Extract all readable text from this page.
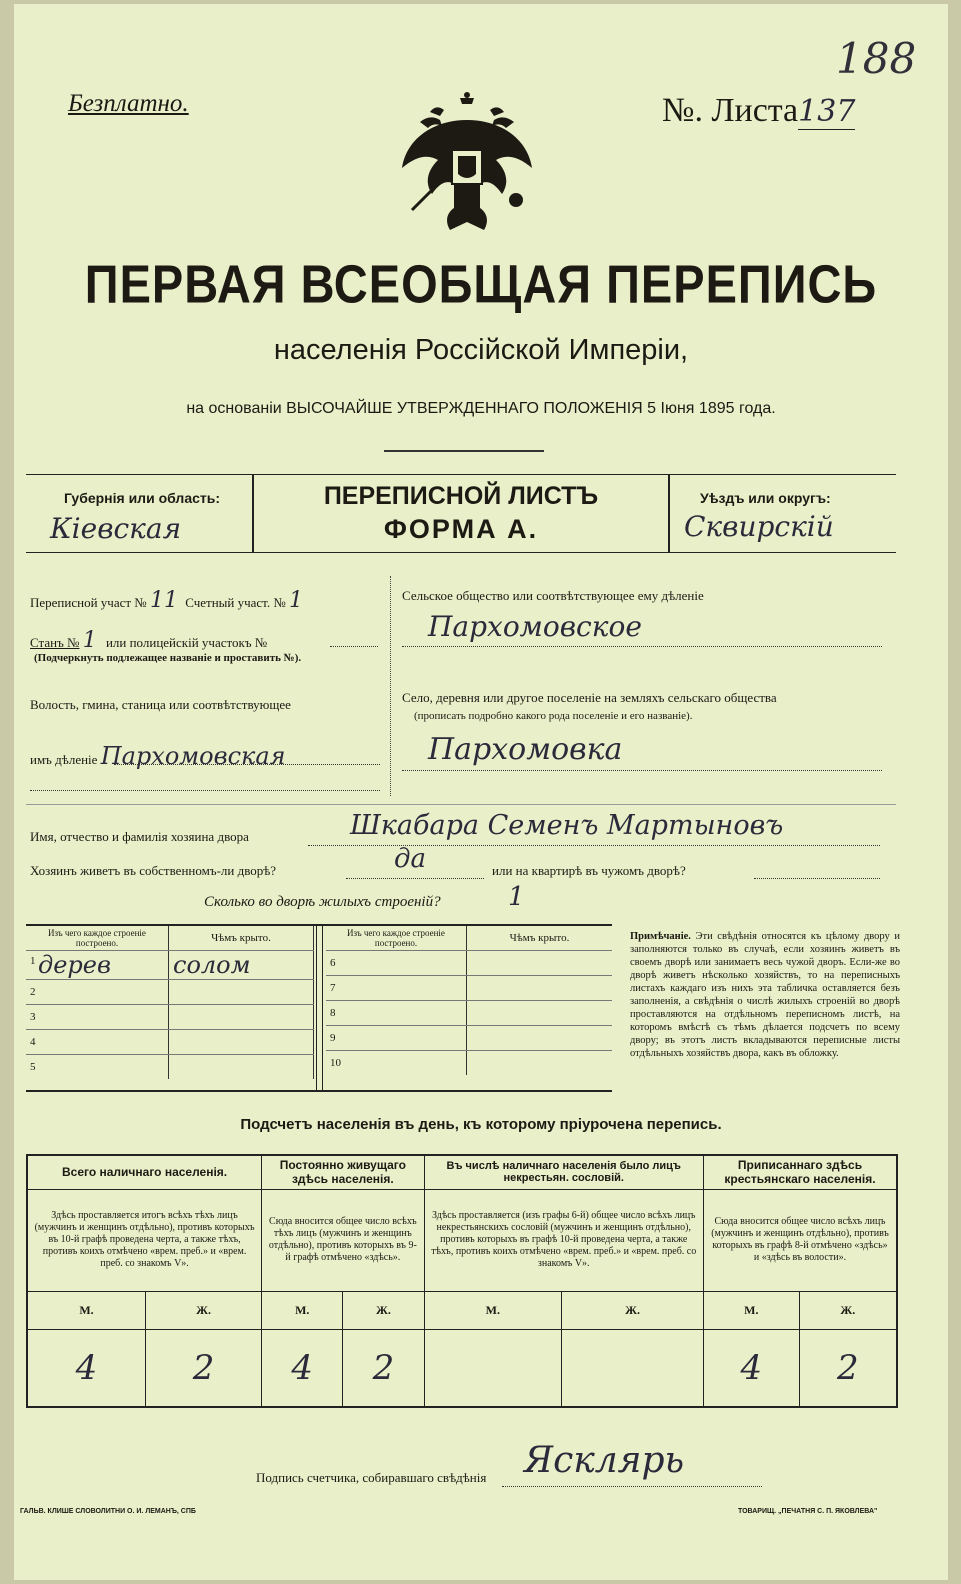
Безплатно.	№. Листа137
188
ПЕРВАЯ ВСЕОБЩАЯ ПЕРЕПИСЬ
населенія Россійской Имперіи,
на основаніи ВЫСОЧАЙШЕ УТВЕРЖДЕННАГО ПОЛОЖЕНІЯ 5 Іюня 1895 года.
Губернія или область:
Кіевская
ПЕРЕПИСНОЙ ЛИСТЪ
ФОРМА А.
Уѣздъ или округъ:
Сквирскій
Переписной участ № 11 Счетный участ. № 1
Станъ № 1 или полицейскій участокъ №
(Подчеркнуть подлежащее названіе и проставить №).
Волость, гмина, станица или соотвѣтствующее
имъ дѣленіе Пархомовская
Сельское общество или соотвѣтствующее ему дѣленіе
Пархомовское
Село, деревня или другое поселеніе на земляхъ сельскаго общества
(прописать подробно какого рода поселеніе и его названіе).
Пархомовка
Имя, отчество и фамилія хозяина двора	Шкабара Семенъ Мартыновъ
Хозяинъ живетъ въ собственномъ-ли дворѣ?	да	или на квартирѣ въ чужомъ дворѣ?
Сколько во дворѣ жилыхъ строеній?	1
Изъ чего каждое строеніе построено.	Чѣмъ крыто.

1 дерев	солом
2	
3	
4	
5	
Изъ чего каждое строеніе построено.	Чѣмъ крыто.
6	
7	
8	
9	
10	
Примѣчаніе. Эти свѣдѣнія относятся къ цѣлому двору и заполняются только въ случаѣ, если хозяинъ живетъ въ своемъ дворѣ или занимаетъ весь чужой дворъ. Если-же во дворѣ живетъ нѣсколько хозяйствъ, то на переписныхъ листахъ каждаго изъ нихъ эта табличка оставляется безъ заполненія, а свѣдѣнія о числѣ жилыхъ строеній во дворѣ проставляются на отдѣльномъ переписномъ листѣ, на которомъ вмѣстѣ съ тѣмъ дѣлается подсчетъ по всему двору; въ этотъ листъ вкладываются переписные листы отдѣльныхъ хозяйствъ двора, какъ въ обложку.
Подсчетъ населенія въ день, къ которому пріурочена перепись.
Всего наличнаго населенія.		Постоянно живущаго здѣсь населенія.		Въ числѣ наличнаго населенія было лицъ некрестьян. сословій.		Приписаннаго здѣсь крестьянскаго населенія.	
Здѣсь проставляется итогъ всѣхъ тѣхъ лицъ (мужчинъ и женщинъ отдѣльно), противъ которыхъ въ 10-й графѣ проведена черта, а также тѣхъ, противъ коихъ отмѣчено «врем. преб.» и «врем. преб. со знакомъ V».		Сюда вносится общее число всѣхъ тѣхъ лицъ (мужчинъ и женщинъ отдѣльно), противъ которыхъ въ 9-й графѣ отмѣчено «здѣсь».		Здѣсь проставляется (изъ графы 6-й) общее число всѣхъ лицъ некрестьянскихъ сословій (мужчинъ и женщинъ отдѣльно), противъ которыхъ въ графѣ 10-й проведена черта, а также тѣхъ, противъ коихъ отмѣчено «врем. преб.» и «врем. преб. со знакомъ V».		Сюда вносится общее число всѣхъ лицъ (мужчинъ и женщинъ отдѣльно), противъ которыхъ въ графѣ 8-й отмѣчено «здѣсь» и «здѣсь въ волости».	
М.	Ж.	М.	Ж.	М.	Ж.	М.	Ж.
4	2	4	2			4	2
Подпись счетчика, собиравшаго свѣдѣнія Ясклярь
ГАЛЬВ. КЛИШЕ СЛОВОЛИТНИ О. И. ЛЕМАНЪ, СПБ	ТОВАРИЩ. „ПЕЧАТНЯ С. П. ЯКОВЛЕВА"
